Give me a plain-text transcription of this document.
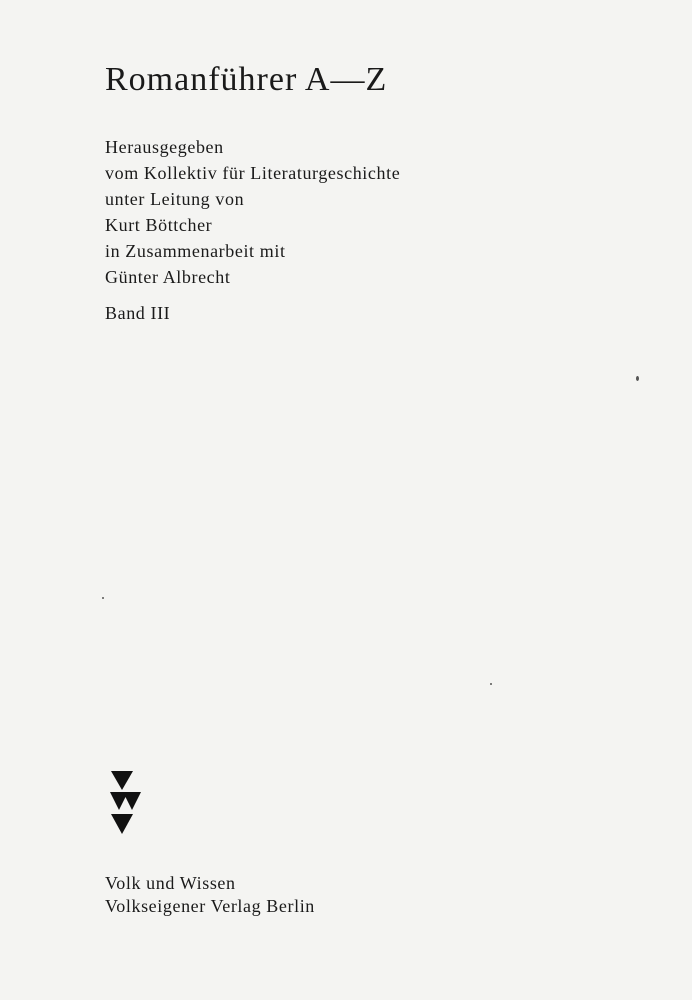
Romanführer A—Z
Herausgegeben
vom Kollektiv für Literaturgeschichte
unter Leitung von
Kurt Böttcher
in Zusammenarbeit mit
Günter Albrecht
Band III
Volk und Wissen
Volkseigener Verlag Berlin
